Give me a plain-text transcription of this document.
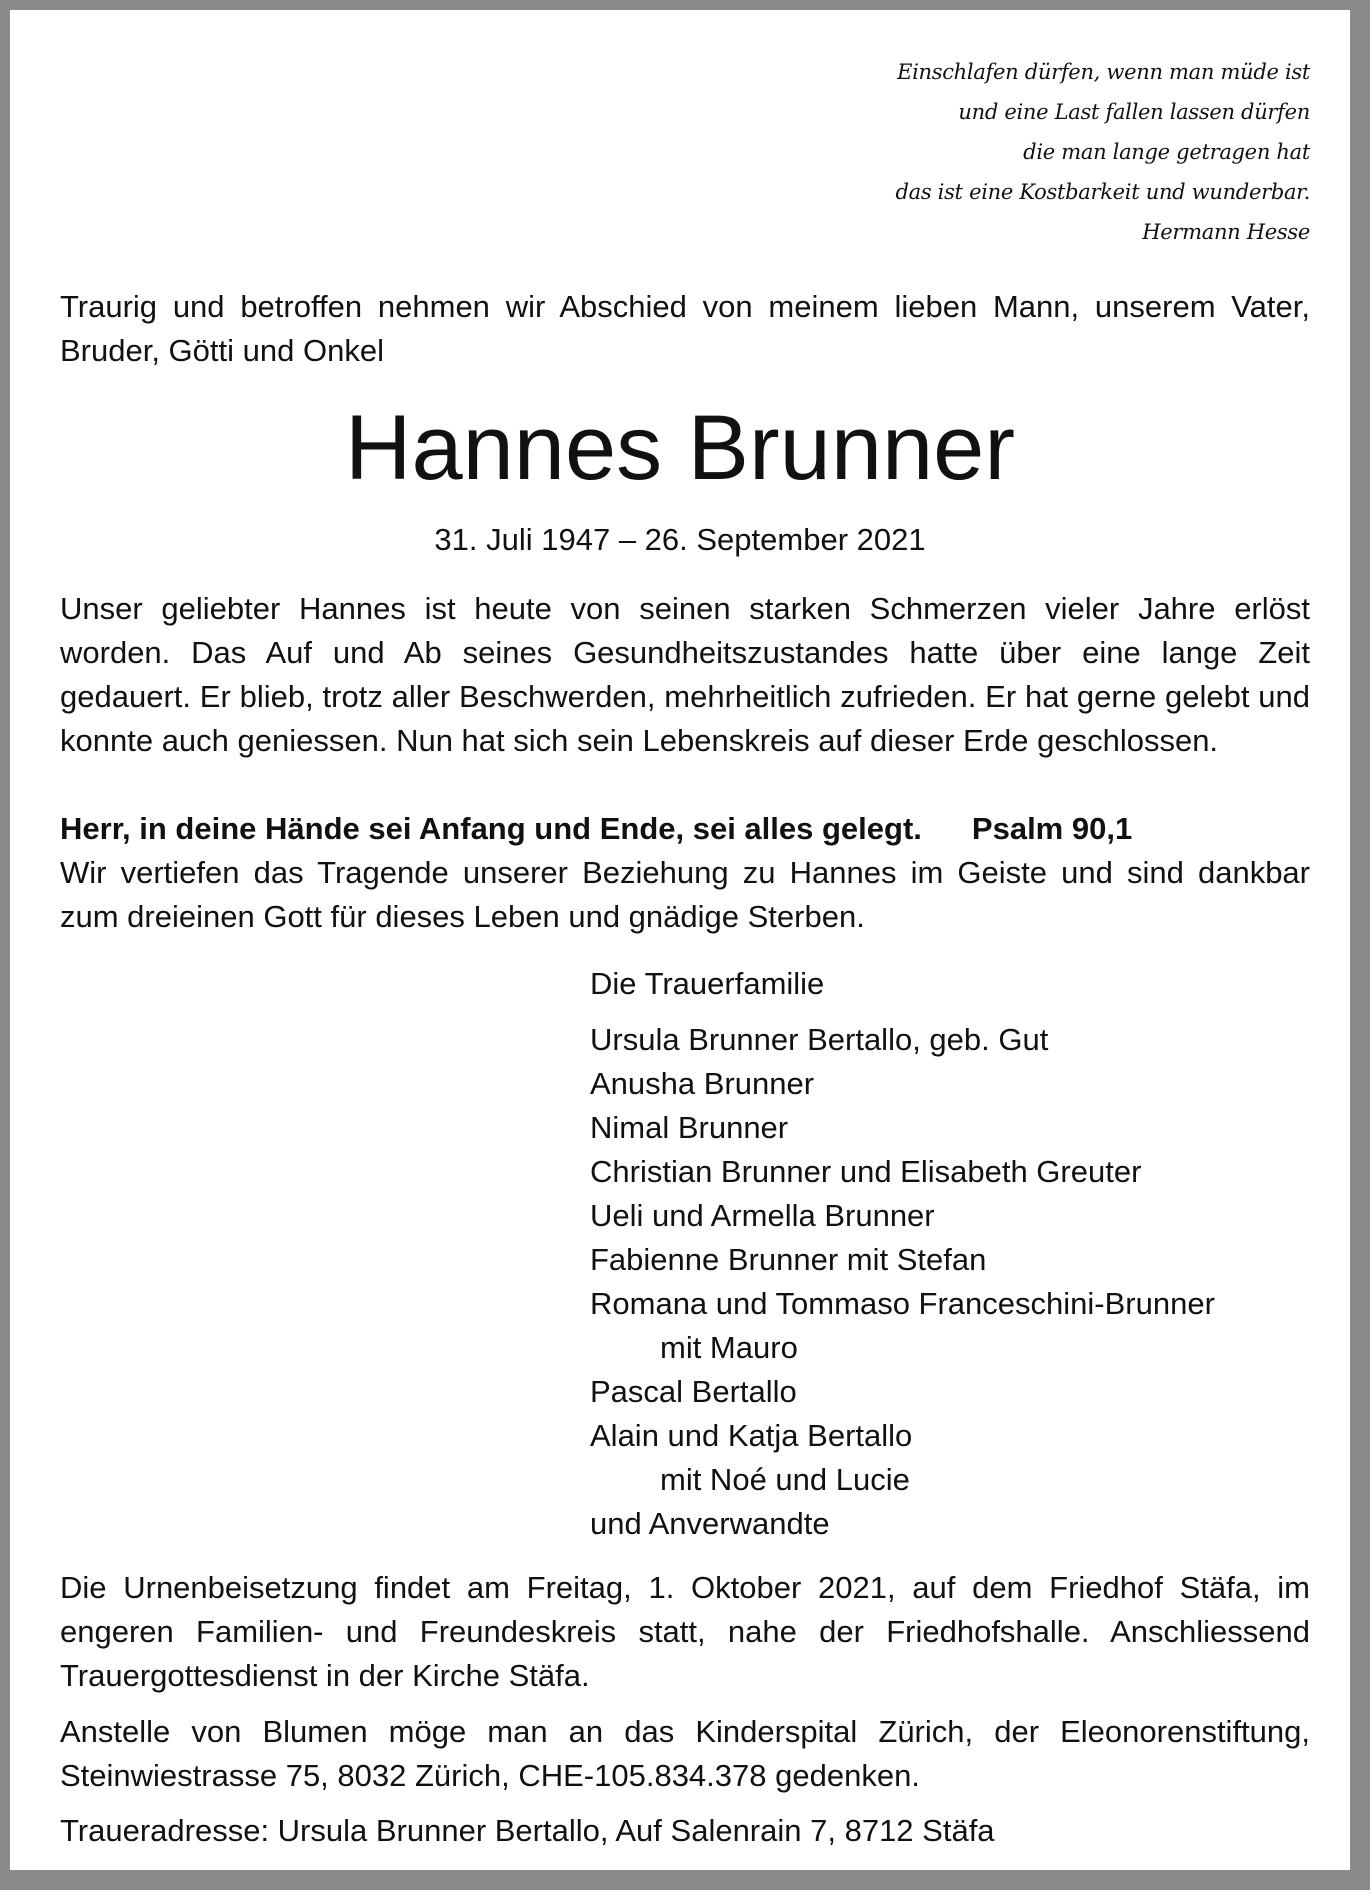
Einschlafen dürfen, wenn man müde ist
und eine Last fallen lassen dürfen
die man lange getragen hat
das ist eine Kostbarkeit und wunderbar.
Hermann Hesse

Traurig und betroffen nehmen wir Abschied von meinem lieben Mann, unserem Vater, Bruder, Götti und Onkel

Hannes Brunner
31. Juli 1947 – 26. September 2021

Unser geliebter Hannes ist heute von seinen starken Schmerzen vieler Jahre erlöst worden. Das Auf und Ab seines Gesundheitszustandes hatte über eine lange Zeit gedauert. Er blieb, trotz aller Beschwerden, mehrheitlich zufrieden. Er hat gerne gelebt und konnte auch geniessen. Nun hat sich sein Lebenskreis auf dieser Erde geschlossen.

Herr, in deine Hände sei Anfang und Ende, sei alles gelegt. Psalm 90,1

Wir vertiefen das Tragende unserer Beziehung zu Hannes im Geiste und sind dankbar zum dreieinen Gott für dieses Leben und gnädige Sterben.

Die Trauerfamilie
Ursula Brunner Bertallo, geb. Gut
Anusha Brunner
Nimal Brunner
Christian Brunner und Elisabeth Greuter
Ueli und Armella Brunner
Fabienne Brunner mit Stefan
Romana und Tommaso Franceschini-Brunner
mit Mauro
Pascal Bertallo
Alain und Katja Bertallo
mit Noé und Lucie
und Anverwandte

Die Urnenbeisetzung findet am Freitag, 1. Oktober 2021, auf dem Friedhof Stäfa, im engeren Familien- und Freundeskreis statt, nahe der Friedhofshalle. Anschliessend Trauergottesdienst in der Kirche Stäfa.

Anstelle von Blumen möge man an das Kinderspital Zürich, der Eleonorenstiftung, Steinwiestrasse 75, 8032 Zürich, CHE-105.834.378 gedenken.

Traueradresse: Ursula Brunner Bertallo, Auf Salenrain 7, 8712 Stäfa
